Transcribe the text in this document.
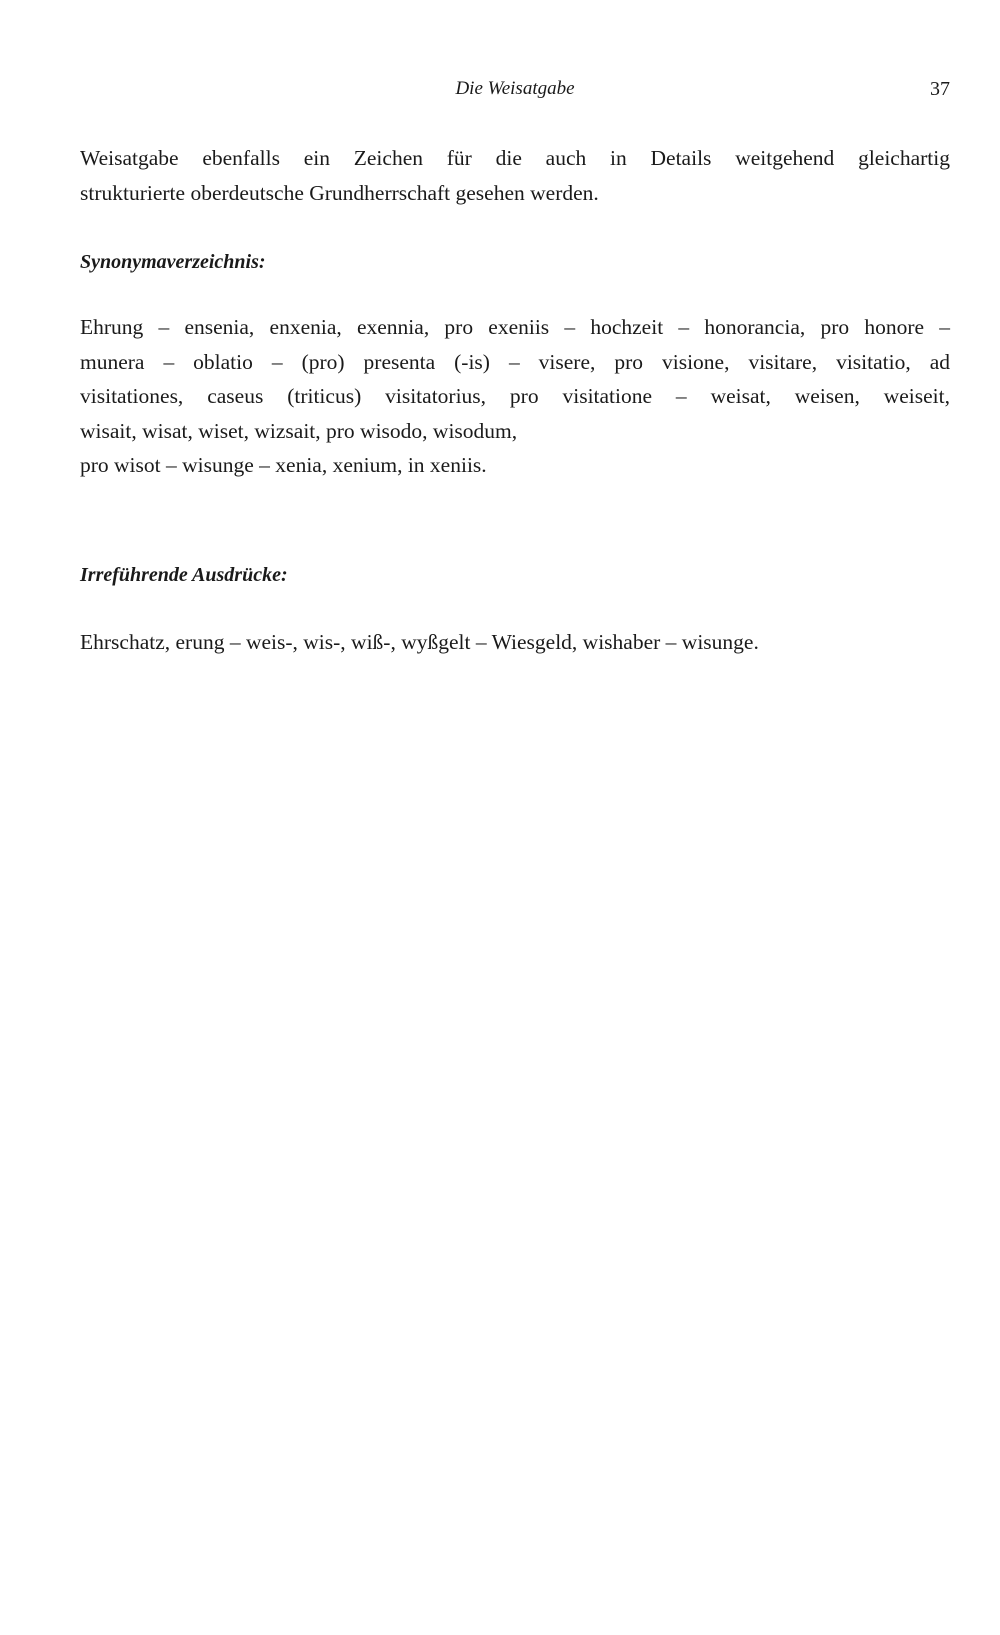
Die Weisatgabe	37

Weisatgabe ebenfalls ein Zeichen für die auch in Details weitgehend gleichartig
strukturierte oberdeutsche Grundherrschaft gesehen werden.

Synonymaverzeichnis:

Ehrung – ensenia, enxenia, exennia, pro exeniis – hochzeit – honorancia, pro honore –
munera – oblatio – (pro) presenta (-is) – visere, pro visione, visitare, visitatio, ad
visitationes, caseus (triticus) visitatorius, pro visitatione – weisat, weisen, weiseit,
wisait, wisat, wiset, wizsait, pro wisodo, wisodum,
pro wisot – wisunge – xenia, xenium, in xeniis.

Irreführende Ausdrücke:

Ehrschatz, erung – weis-, wis-, wiß-, wyßgelt – Wiesgeld, wishaber – wisunge.
